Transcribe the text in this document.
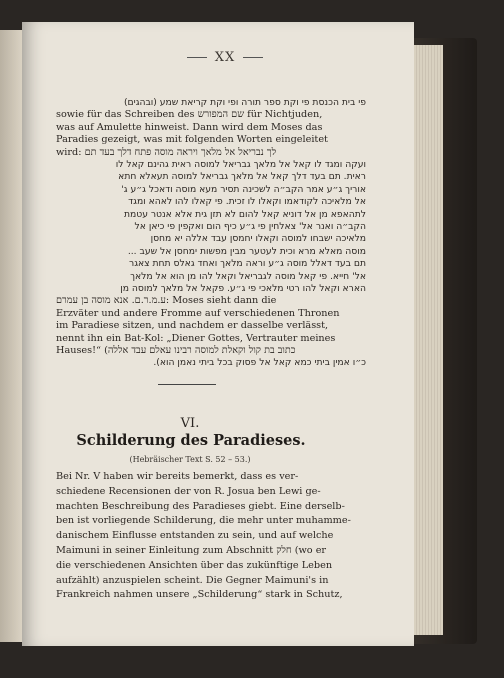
XX
פי בית הכנסת פי וקת ספר תורה ופי וקת קריאת שמע (ובהגים)
sowie für das Schreiben des שם המפורש für Nichtjuden,
was auf Amulette hinweist. Dann wird dem Moses das
Paradies gezeigt, was mit folgenden Worten eingeleitet
wird: לך נבריאל אל מלאך ויראה מוסה פתח דלך בעד תם
ועקה ומגד לו קאל אל מלאך גבריאל למוסה ראית גהינם קאל לו
ראית. תם בעד דלך קאל אל מלאך גבריאל למוסה תעאלא חתא
אוריך ג״ע אמר הקב״ה לשכינה תסיר מעא מוסה ודאכל ג״ע ג'
אל מלאיכה לקודאמו וקאלו לו זכית. פי קאלו להו לאהא ומגד
לתהאפא מן אל דוניא קאל להום לא תזן גית אלא אנטר עטמת
הקב״ה ואנר אל' צאלחין פי ג״ע כיף הום ואקפין פי כיאן אל
מלאיכה ישבחו למוסה וקאלו יחמסן עבד אללה יא מחסן
מוסה מאלא מרא וכית לעטער מבין מפשות ימחסן אל שעב ...
תם בעד דאלל מוסה ג״ע וראה מלאך ואחד גאלס תחת צאגר
אל' חייא. פי קאל מוסה לגבריאל וקאל להו מן הוא אל מלאך
הארא וקאל להו רטי מלאכי פי ג״ע. פקאל אל מלאך למוסה מן
ע.מ.ר.ם. אנא מוסה בן עמרם: Moses sieht dann die
Erzväter und andere Fromme auf verschiedenen Thronen
im Paradiese sitzen, und nachdem er dasselbe verlässt,
nennt ihn ein Bat-Kol: „Diener Gottes, Vertrauter meines
Hauses!“ (כתוב בת קול וקאלת למוסה רבינו עאלם עבד אללה
כ״ו אמין ביתי כמא קאל אל פסוק בכל ביתי נאמן הוא).
VI.
Schilderung des Paradieses.
(Hebräischer Text S. 52 – 53.)
Bei Nr. V haben wir bereits bemerkt, dass es ver-
schiedene Recensionen der von R. Josua ben Lewi ge-
machten Beschreibung des Paradieses giebt. Eine derselb-
ben ist vorliegende Schilderung, die mehr unter muhamme-
danischem Einflusse entstanden zu sein, und auf welche
Maimuni in seiner Einleitung zum Abschnitt חלק (wo er
die verschiedenen Ansichten über das zukünftige Leben
aufzählt) anzuspielen scheint. Die Gegner Maimuni's in
Frankreich nahmen unsere „Schilderung“ stark in Schutz,
